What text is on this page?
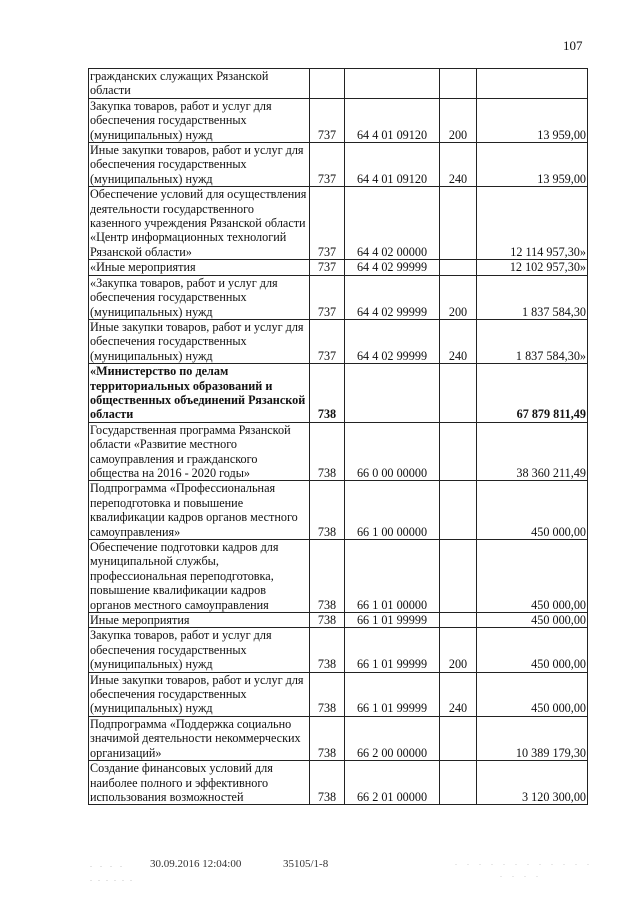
107
гражданских служащих Рязанской области				
Закупка товаров, работ и услуг для обеспечения государственных (муниципальных) нужд	737	64 4 01 09120	200	13 959,00
Иные закупки товаров, работ и услуг для обеспечения государственных (муниципальных) нужд	737	64 4 01 09120	240	13 959,00
Обеспечение условий для осуществления деятельности государственного казенного учреждения Рязанской области «Центр информационных технологий Рязанской области»	737	64 4 02 00000		12 114 957,30»
«Иные мероприятия	737	64 4 02 99999		12 102 957,30»
«Закупка товаров, работ и услуг для обеспечения государственных (муниципальных) нужд	737	64 4 02 99999	200	1 837 584,30
Иные закупки товаров, работ и услуг для обеспечения государственных (муниципальных) нужд	737	64 4 02 99999	240	1 837 584,30»
«Министерство по делам территориальных образований и общественных объединений Рязанской области	738			67 879 811,49
Государственная программа Рязанской области «Развитие местного самоуправления и гражданского общества на 2016 - 2020 годы»	738	66 0 00 00000		38 360 211,49
Подпрограмма «Профессиональная переподготовка и повышение квалификации кадров органов местного самоуправления»	738	66 1 00 00000		450 000,00
Обеспечение подготовки кадров для муниципальной службы, профессиональная переподготовка, повышение квалификации кадров органов местного самоуправления	738	66 1 01 00000		450 000,00
Иные мероприятия	738	66 1 01 99999		450 000,00
Закупка товаров, работ и услуг для обеспечения государственных (муниципальных) нужд	738	66 1 01 99999	200	450 000,00
Иные закупки товаров, работ и услуг для обеспечения государственных (муниципальных) нужд	738	66 1 01 99999	240	450 000,00
Подпрограмма «Поддержка социально значимой деятельности некоммерческих организаций»	738	66 2 00 00000		10 389 179,30
Создание финансовых условий для наиболее полного и эффективного использования возможностей	738	66 2 01 00000		3 120 300,00
. . . .
. . . . . .
30.09.2016 12:04:00	35105/1-8	. . . . . . . . . . . .
. . . .
